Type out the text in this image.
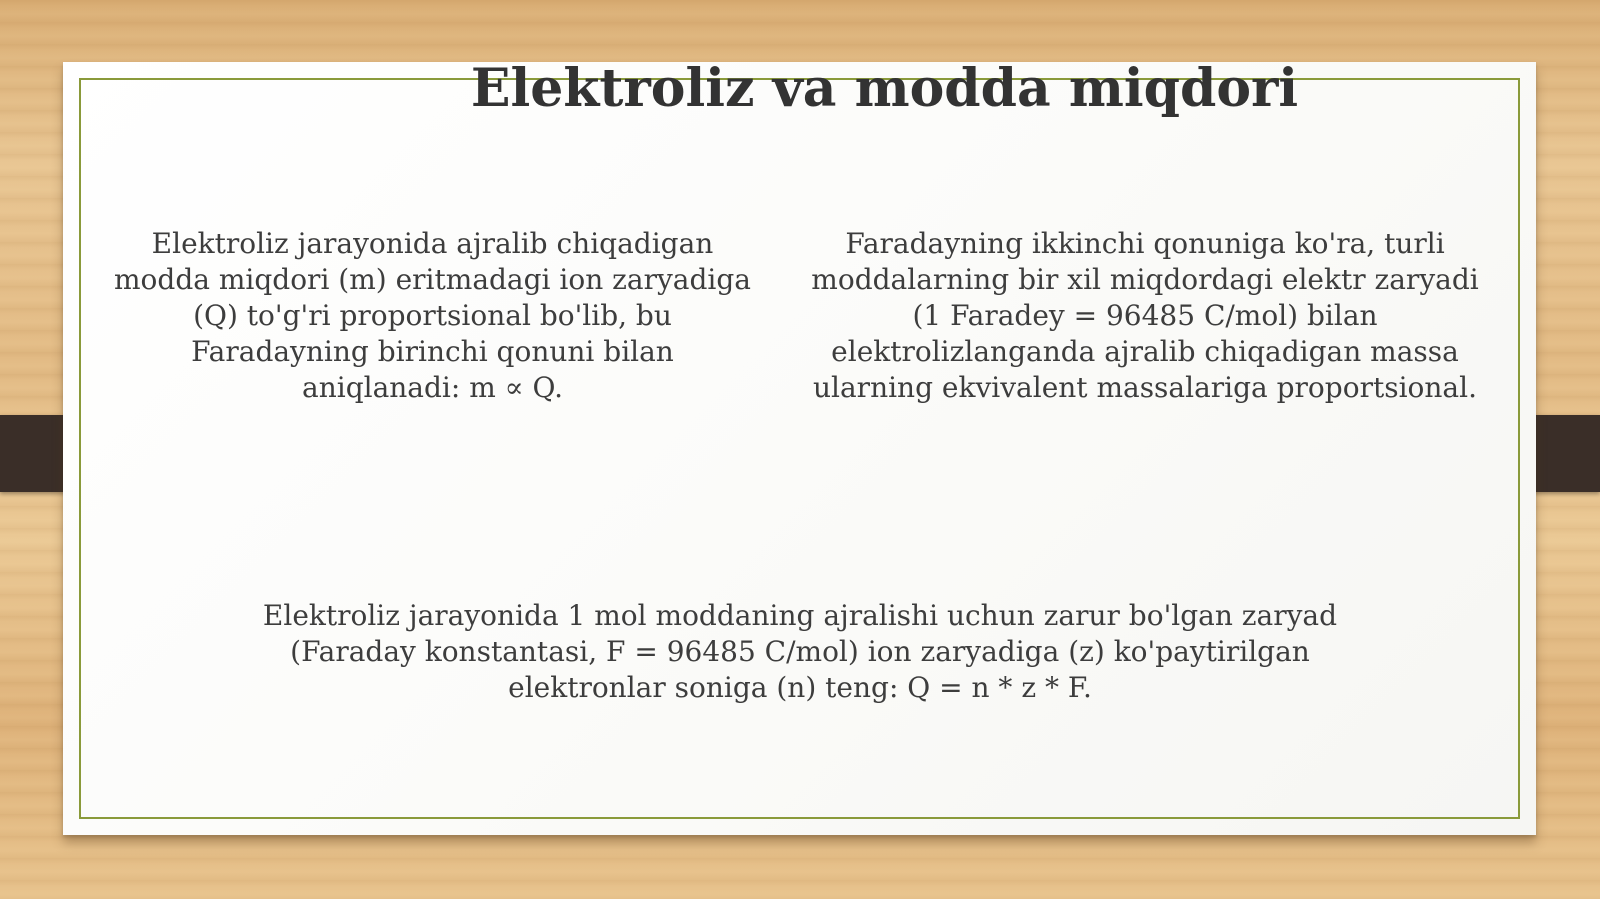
Elektroliz va modda miqdori

Elektroliz jarayonida ajralib chiqadigan modda miqdori (m) eritmadagi ion zaryadiga (Q) to'g'ri proportsional bo'lib, bu Faradayning birinchi qonuni bilan aniqlanadi: m ∝ Q.

Faradayning ikkinchi qonuniga ko'ra, turli moddalarning bir xil miqdordagi elektr zaryadi (1 Faradey = 96485 C/mol) bilan elektrolizlanganda ajralib chiqadigan massa ularning ekvivalent massalariga proportsional.

Elektroliz jarayonida 1 mol moddaning ajralishi uchun zarur bo'lgan zaryad (Faraday konstantasi, F = 96485 C/mol) ion zaryadiga (z) ko'paytirilgan elektronlar soniga (n) teng: Q = n * z * F.
